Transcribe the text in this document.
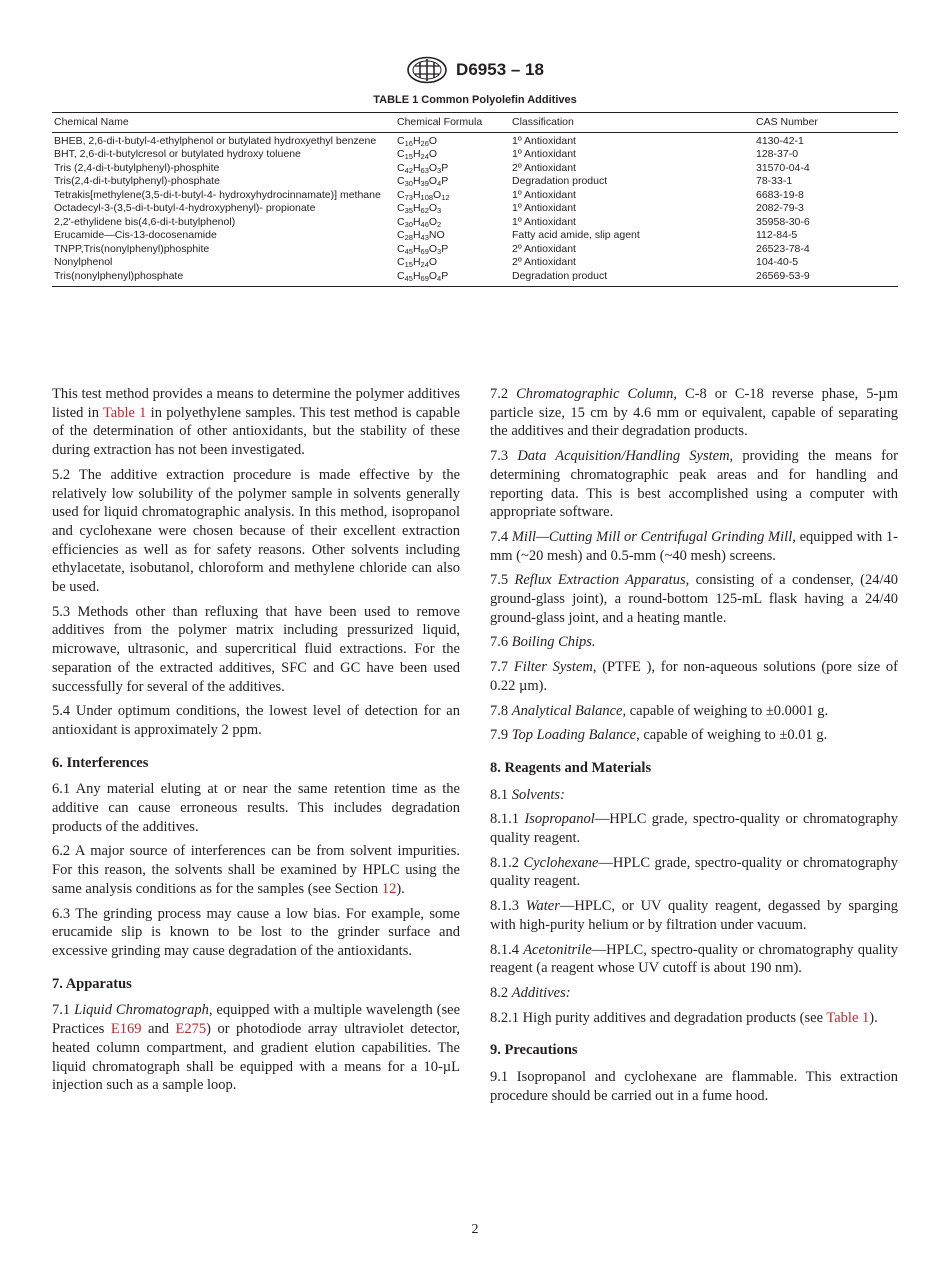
D6953 – 18
TABLE 1 Common Polyolefin Additives
Chemical Name	Chemical Formula	Classification	CAS Number
BHEB, 2,6-di-t-butyl-4-ethylphenol or butylated hydroxyethyl benzene	$C_{16}H_{26}O$	1º Antioxidant	4130-42-1
BHT, 2,6-di-t-butylcresol or butylated hydroxy toluene	$C_{15}H_{24}O$	1º Antioxidant	128-37-0
Tris (2,4-di-t-butylphenyl)-phosphite	$C_{42}H_{63}O_3P$	2º Antioxidant	31570-04-4
Tris(2,4-di-t-butylphenyl)-phosphate	$C_{30}H_{39}O_4P$	Degradation product	78-33-1
Tetrakis[methylene(3,5-di-t-butyl-4- hydroxyhydrocinnamate)] methane	$C_{73}H_{108}O_{12}$	1º Antioxidant	6683-19-8
Octadecyl-3-(3,5-di-t-butyl-4-hydroxyphenyl)- propionate	$C_{35}H_{62}O_3$	1º Antioxidant	2082-79-3
2,2'-ethylidene bis(4,6-di-t-butylphenol)	$C_{30}H_{46}O_2$	1º Antioxidant	35958-30-6
Erucamide—Cis-13-docosenamide	$C_{28}H_{43}NO$	Fatty acid amide, slip agent	112-84-5
TNPP,Tris(nonylphenyl)phosphite	$C_{45}H_{69}O_3P$	2º Antioxidant	26523-78-4
Nonylphenol	$C_{15}H_{24}O$	2º Antioxidant	104-40-5
Tris(nonylphenyl)phosphate	$C_{45}H_{69}O_4P$	Degradation product	26569-53-9

This test method provides a means to determine the polymer additives listed in Table 1 in polyethylene samples. This test method is capable of the determination of other antioxidants, but the stability of these during extraction has not been investigated.

5.2 The additive extraction procedure is made effective by the relatively low solubility of the polymer sample in solvents generally used for liquid chromatographic analysis. In this method, isopropanol and cyclohexane were chosen because of their excellent extraction efficiencies as well as for safety reasons. Other solvents including ethylacetate, isobutanol, chloroform and methylene chloride can also be used.

5.3 Methods other than refluxing that have been used to remove additives from the polymer matrix including pressurized liquid, microwave, ultrasonic, and supercritical fluid extractions. For the separation of the extracted additives, SFC and GC have been used successfully for several of the additives.

5.4 Under optimum conditions, the lowest level of detection for an antioxidant is approximately 2 ppm.

6. Interferences

6.1 Any material eluting at or near the same retention time as the additive can cause erroneous results. This includes degradation products of the additives.

6.2 A major source of interferences can be from solvent impurities. For this reason, the solvents shall be examined by HPLC using the same analysis conditions as for the samples (see Section 12).

6.3 The grinding process may cause a low bias. For example, some erucamide slip is known to be lost to the grinder surface and excessive grinding may cause degradation of the antioxidants.

7. Apparatus

7.1 Liquid Chromatograph, equipped with a multiple wavelength (see Practices E169 and E275) or photodiode array ultraviolet detector, heated column compartment, and gradient elution capabilities. The liquid chromatograph shall be equipped with a means for a 10-µL injection such as a sample loop.

7.2 Chromatographic Column, C-8 or C-18 reverse phase, 5-µm particle size, 15 cm by 4.6 mm or equivalent, capable of separating the additives and their degradation products.

7.3 Data Acquisition/Handling System, providing the means for determining chromatographic peak areas and for handling and reporting data. This is best accomplished using a computer with appropriate software.

7.4 Mill—Cutting Mill or Centrifugal Grinding Mill, equipped with 1-mm (~20 mesh) and 0.5-mm (~40 mesh) screens.

7.5 Reflux Extraction Apparatus, consisting of a condenser, (24/40 ground-glass joint), a round-bottom 125-mL flask having a 24/40 ground-glass joint, and a heating mantle.

7.6 Boiling Chips.

7.7 Filter System, (PTFE ), for non-aqueous solutions (pore size of 0.22 µm).

7.8 Analytical Balance, capable of weighing to ±0.0001 g.

7.9 Top Loading Balance, capable of weighing to ±0.01 g.

8. Reagents and Materials

8.1 Solvents:

8.1.1 Isopropanol—HPLC grade, spectro-quality or chromatography quality reagent.

8.1.2 Cyclohexane—HPLC grade, spectro-quality or chromatography quality reagent.

8.1.3 Water—HPLC, or UV quality reagent, degassed by sparging with high-purity helium or by filtration under vacuum.

8.1.4 Acetonitrile—HPLC, spectro-quality or chromatography quality reagent (a reagent whose UV cutoff is about 190 nm).

8.2 Additives:

8.2.1 High purity additives and degradation products (see Table 1).

9. Precautions

9.1 Isopropanol and cyclohexane are flammable. This extraction procedure should be carried out in a fume hood.

2
